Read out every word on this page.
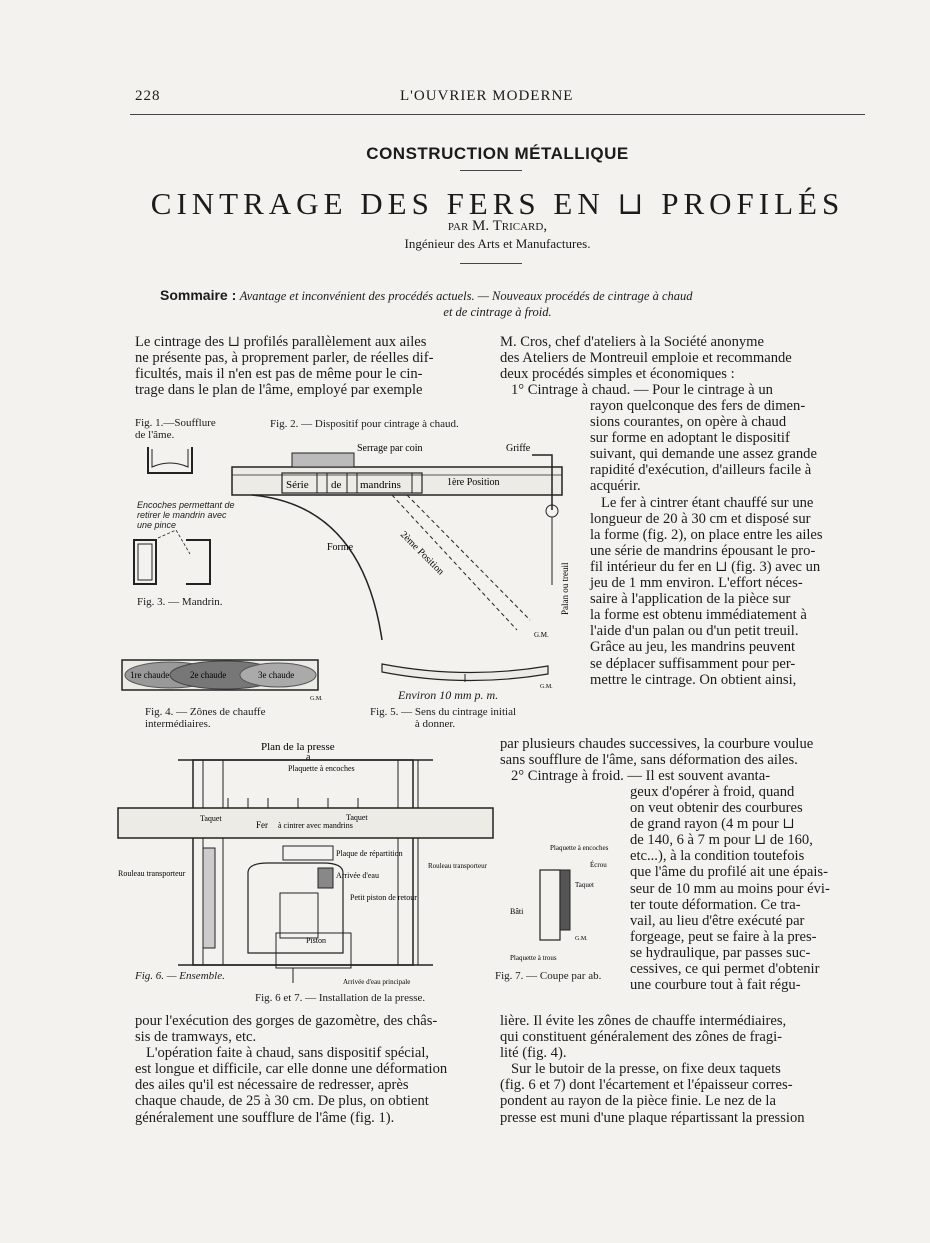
228	L'OUVRIER MODERNE
CONSTRUCTION MÉTALLIQUE
CINTRAGE DES FERS EN ⊔ PROFILÉS
par M. Tricard,
Ingénieur des Arts et Manufactures.
Sommaire : Avantage et inconvénient des procédés actuels. — Nouveaux procédés de cintrage à chaud
et de cintrage à froid.
Le cintrage des ⊔ profilés parallèlement aux ailes
ne présente pas, à proprement parler, de réelles dif-
ficultés, mais il n'en est pas de même pour le cin-
trage dans le plan de l'âme, employé par exemple
M. Cros, chef d'ateliers à la Société anonyme
des Ateliers de Montreuil emploie et recommande
deux procédés simples et économiques :
1° Cintrage à chaud. — Pour le cintrage à un
rayon quelconque des fers de dimen-
sions courantes, on opère à chaud
sur forme en adoptant le dispositif
suivant, qui demande une assez grande
rapidité d'exécution, d'ailleurs facile à
acquérir.
Le fer à cintrer étant chauffé sur une
longueur de 20 à 30 cm et disposé sur
la forme (fig. 2), on place entre les ailes
une série de mandrins épousant le pro-
fil intérieur du fer en ⊔ (fig. 3) avec un
jeu de 1 mm environ. L'effort néces-
saire à l'application de la pièce sur
la forme est obtenu immédiatement à
l'aide d'un palan ou d'un petit treuil.
Grâce au jeu, les mandrins peuvent
se déplacer suffisamment pour per-
mettre le cintrage. On obtient ainsi,
par plusieurs chaudes successives, la courbure voulue
sans soufflure de l'âme, sans déformation des ailes.
2° Cintrage à froid. — Il est souvent avanta-
geux d'opérer à froid, quand
on veut obtenir des courbures
de grand rayon (4 m pour ⊔
de 140, 6 à 7 m pour ⊔ de 160,
etc...), à la condition toutefois
que l'âme du profilé ait une épais-
seur de 10 mm au moins pour évi-
ter toute déformation. Ce tra-
vail, au lieu d'être exécuté par
forgeage, peut se faire à la pres-
se hydraulique, par passes suc-
cessives, ce qui permet d'obtenir
une courbure tout à fait régu-
pour l'exécution des gorges de gazomètre, des châs-
sis de tramways, etc.
L'opération faite à chaud, sans dispositif spécial,
est longue et difficile, car elle donne une déformation
des ailes qu'il est nécessaire de redresser, après
chaque chaude, de 25 à 30 cm. De plus, on obtient
généralement une soufflure de l'âme (fig. 1).
lière. Il évite les zônes de chauffe intermédiaires,
qui constituent généralement des zônes de fragi-
lité (fig. 4).
Sur le butoir de la presse, on fixe deux taquets
(fig. 6 et 7) dont l'écartement et l'épaisseur corres-
pondent au rayon de la pièce finie. Le nez de la
presse est muni d'une plaque répartissant la pression
Fig. 1.—Soufflure
de l'âme.
Fig. 2. — Dispositif pour cintrage à chaud.
Encoches permettant de
retirer le mandrin avec
une pince
Fig. 3. — Mandrin.
Serrage par coin
Série de mandrins	1ère Position
Griffe
Palan ou treuil
Forme	2ème Position
G.M.
1re chaude 2e chaude	3e chaude
G.M.
Fig. 4. — Zônes de chauffe
intermédiaires.
G.M.
Environ 10 mm p. m.
Fig. 5. — Sens du cintrage initial
à donner.
Plan de la presse
a
Plaquette à encoches
Taquet	Taquet
Fer à cintrer avec mandrins
Plaque de répartition
Arrivée d'eau
Petit piston de retour
Piston
Rouleau transporteur
Rouleau transporteur
Arrivée d'eau principale
Fig. 6. — Ensemble.
Fig. 6 et 7. — Installation de la presse.
Plaquette à encoches
Écrou
Taquet
Bâti
Plaquette à trous
G.M.
Fig. 7. — Coupe par ab.
